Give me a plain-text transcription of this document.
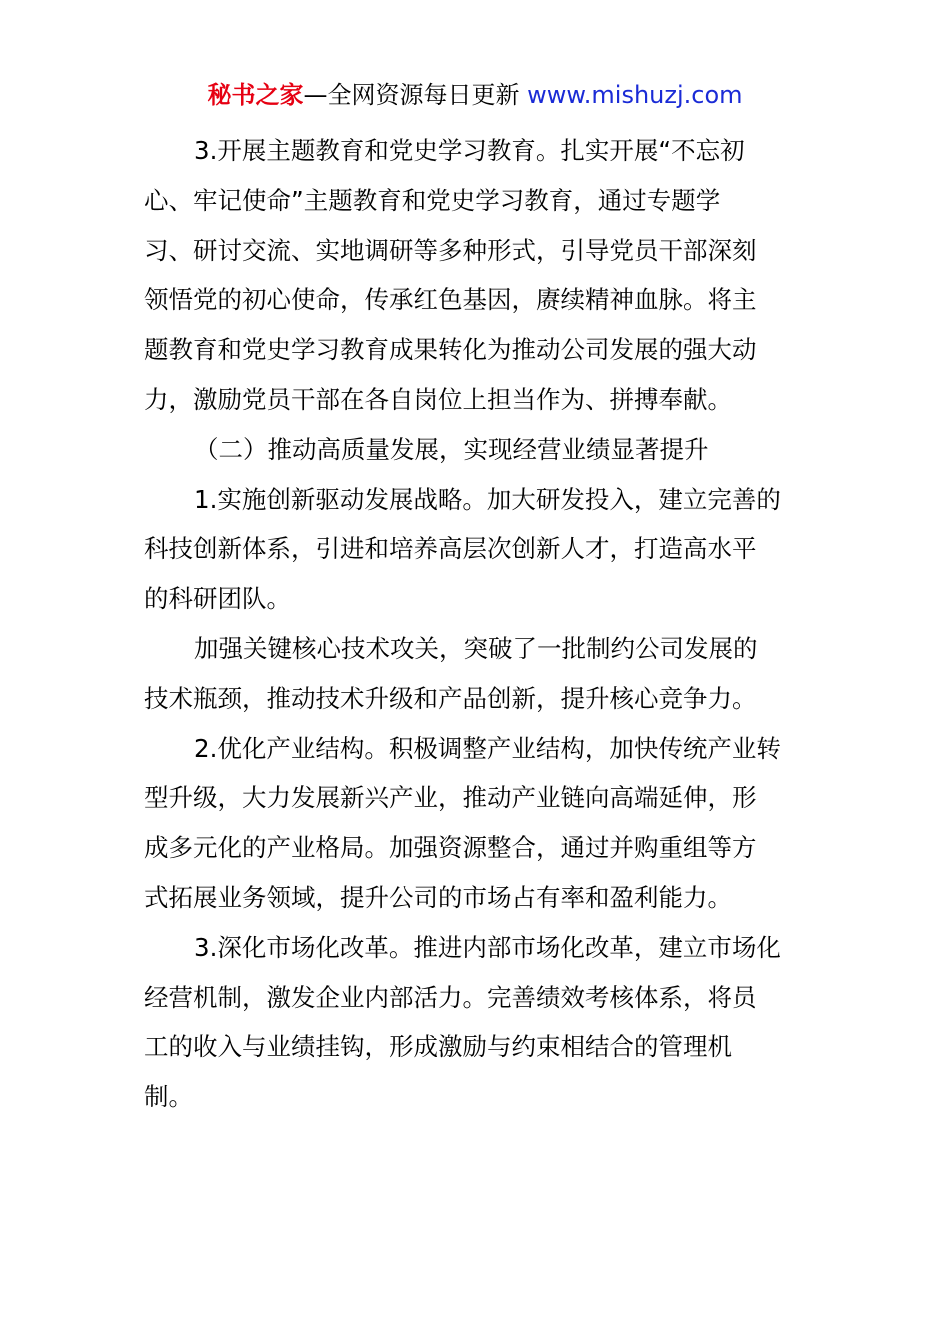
秘书之家—全网资源每日更新 www.mishuzj.com
3.开展主题教育和党史学习教育。扎实开展“不忘初
心、牢记使命”主题教育和党史学习教育，通过专题学
习、研讨交流、实地调研等多种形式，引导党员干部深刻
领悟党的初心使命，传承红色基因，赓续精神血脉。将主
题教育和党史学习教育成果转化为推动公司发展的强大动
力，激励党员干部在各自岗位上担当作为、拼搏奉献。
（二）推动高质量发展，实现经营业绩显著提升
1.实施创新驱动发展战略。加大研发投入，建立完善的
科技创新体系，引进和培养高层次创新人才，打造高水平
的科研团队。
加强关键核心技术攻关，突破了一批制约公司发展的
技术瓶颈，推动技术升级和产品创新，提升核心竞争力。
2.优化产业结构。积极调整产业结构，加快传统产业转
型升级，大力发展新兴产业，推动产业链向高端延伸，形
成多元化的产业格局。加强资源整合，通过并购重组等方
式拓展业务领域，提升公司的市场占有率和盈利能力。
3.深化市场化改革。推进内部市场化改革，建立市场化
经营机制，激发企业内部活力。完善绩效考核体系，将员
工的收入与业绩挂钩，形成激励与约束相结合的管理机
制。
